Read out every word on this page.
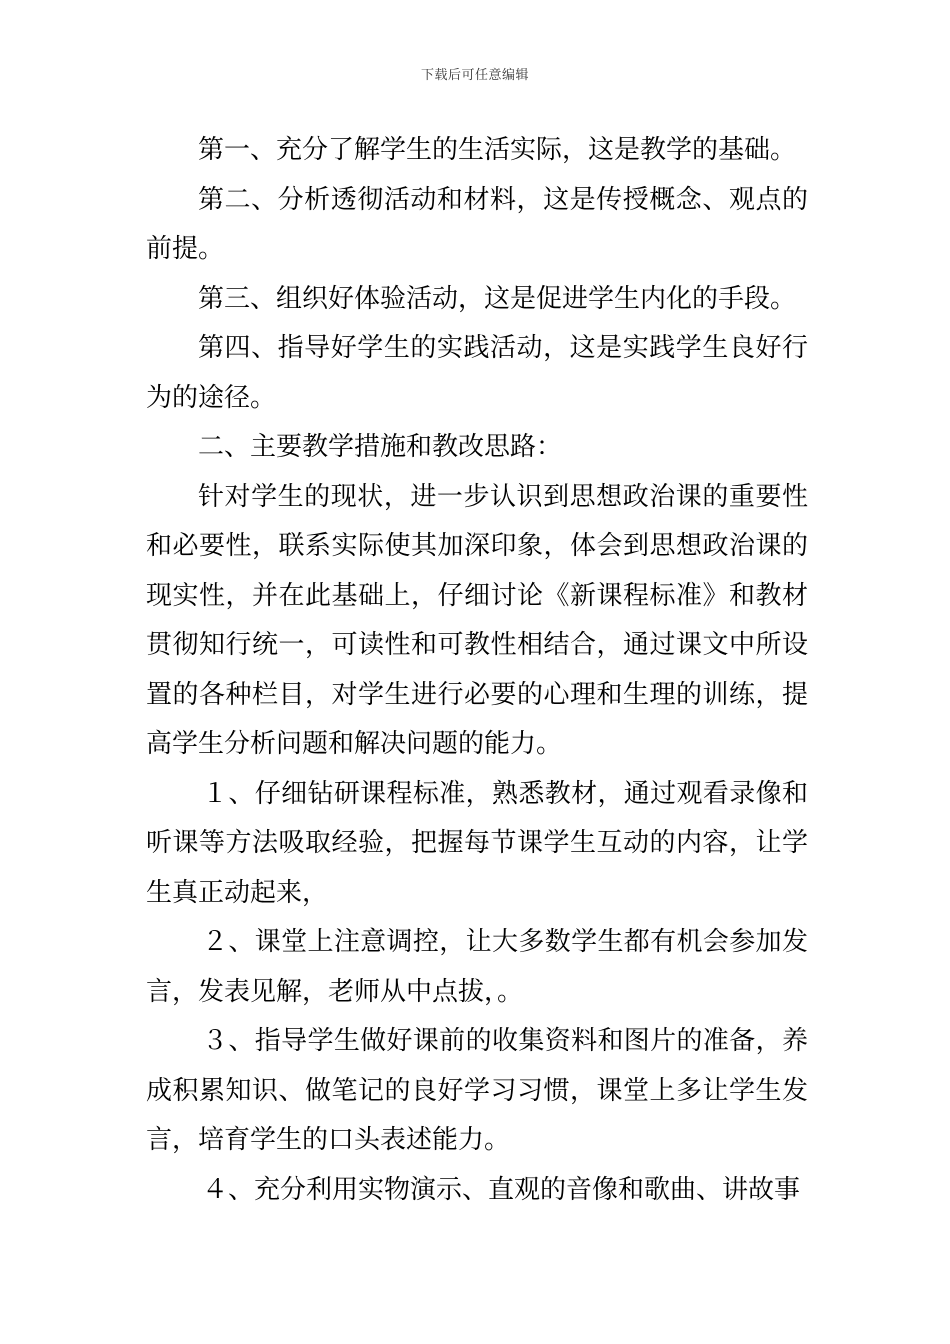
下载后可任意编辑

第一、充分了解学生的生活实际，这是教学的基础。

第二、分析透彻活动和材料，这是传授概念、观点的前提。

第三、组织好体验活动，这是促进学生内化的手段。

第四、指导好学生的实践活动，这是实践学生良好行为的途径。

二、主要教学措施和教改思路：

针对学生的现状，进一步认识到思想政治课的重要性和必要性，联系实际使其加深印象，体会到思想政治课的现实性，并在此基础上，仔细讨论《新课程标准》和教材贯彻知行统一，可读性和可教性相结合，通过课文中所设置的各种栏目，对学生进行必要的心理和生理的训练，提高学生分析问题和解决问题的能力。

１、仔细钻研课程标准，熟悉教材，通过观看录像和听课等方法吸取经验，把握每节课学生互动的内容，让学生真正动起来，

２、课堂上注意调控，让大多数学生都有机会参加发言，发表见解，老师从中点拔，。

３、指导学生做好课前的收集资料和图片的准备，养成积累知识、做笔记的良好学习习惯，课堂上多让学生发言，培育学生的口头表述能力。

４、充分利用实物演示、直观的音像和歌曲、讲故事
